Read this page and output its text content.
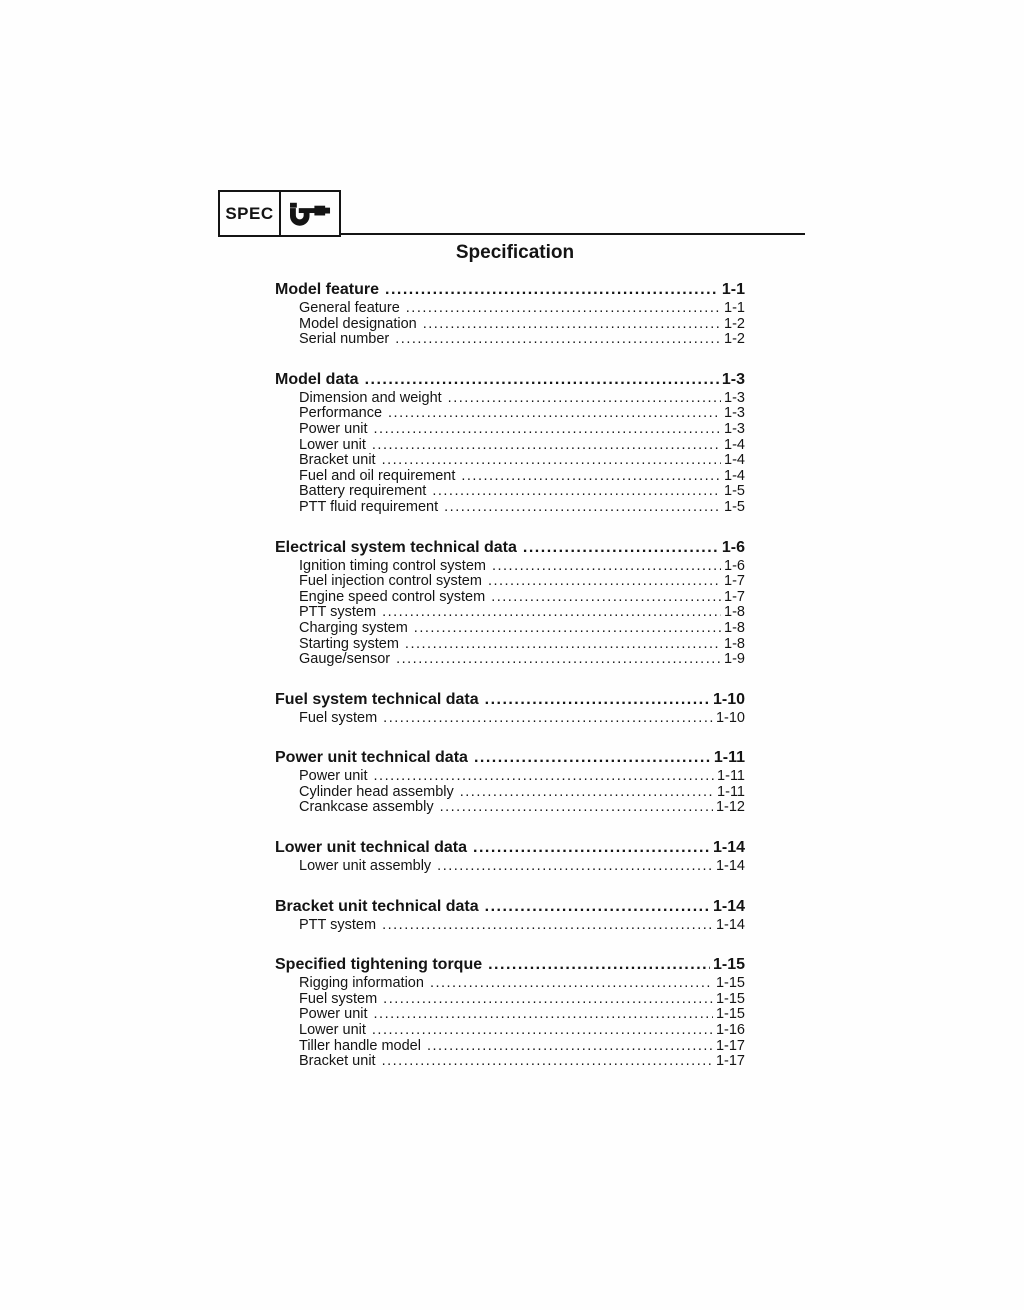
SPEC
Specification
Model feature .....	1-1
General feature .....	1-1
Model designation .....	1-2
Serial number .....	1-2
Model data .....	1-3
Dimension and weight .....	1-3
Performance .....	1-3
Power unit .....	1-3
Lower unit .....	1-4
Bracket unit .....	1-4
Fuel and oil requirement .....	1-4
Battery requirement .....	1-5
PTT fluid requirement .....	1-5
Electrical system technical data .....	1-6
Ignition timing control system .....	1-6
Fuel injection control system .....	1-7
Engine speed control system .....	1-7
PTT system .....	1-8
Charging system .....	1-8
Starting system .....	1-8
Gauge/sensor .....	1-9
Fuel system technical data .....	1-10
Fuel system .....	1-10
Power unit technical data .....	1-11
Power unit .....	1-11
Cylinder head assembly .....	1-11
Crankcase assembly .....	1-12
Lower unit technical data .....	1-14
Lower unit assembly .....	1-14
Bracket unit technical data .....	1-14
PTT system .....	1-14
Specified tightening torque .....	1-15
Rigging information .....	1-15
Fuel system .....	1-15
Power unit .....	1-15
Lower unit .....	1-16
Tiller handle model .....	1-17
Bracket unit .....	1-17
